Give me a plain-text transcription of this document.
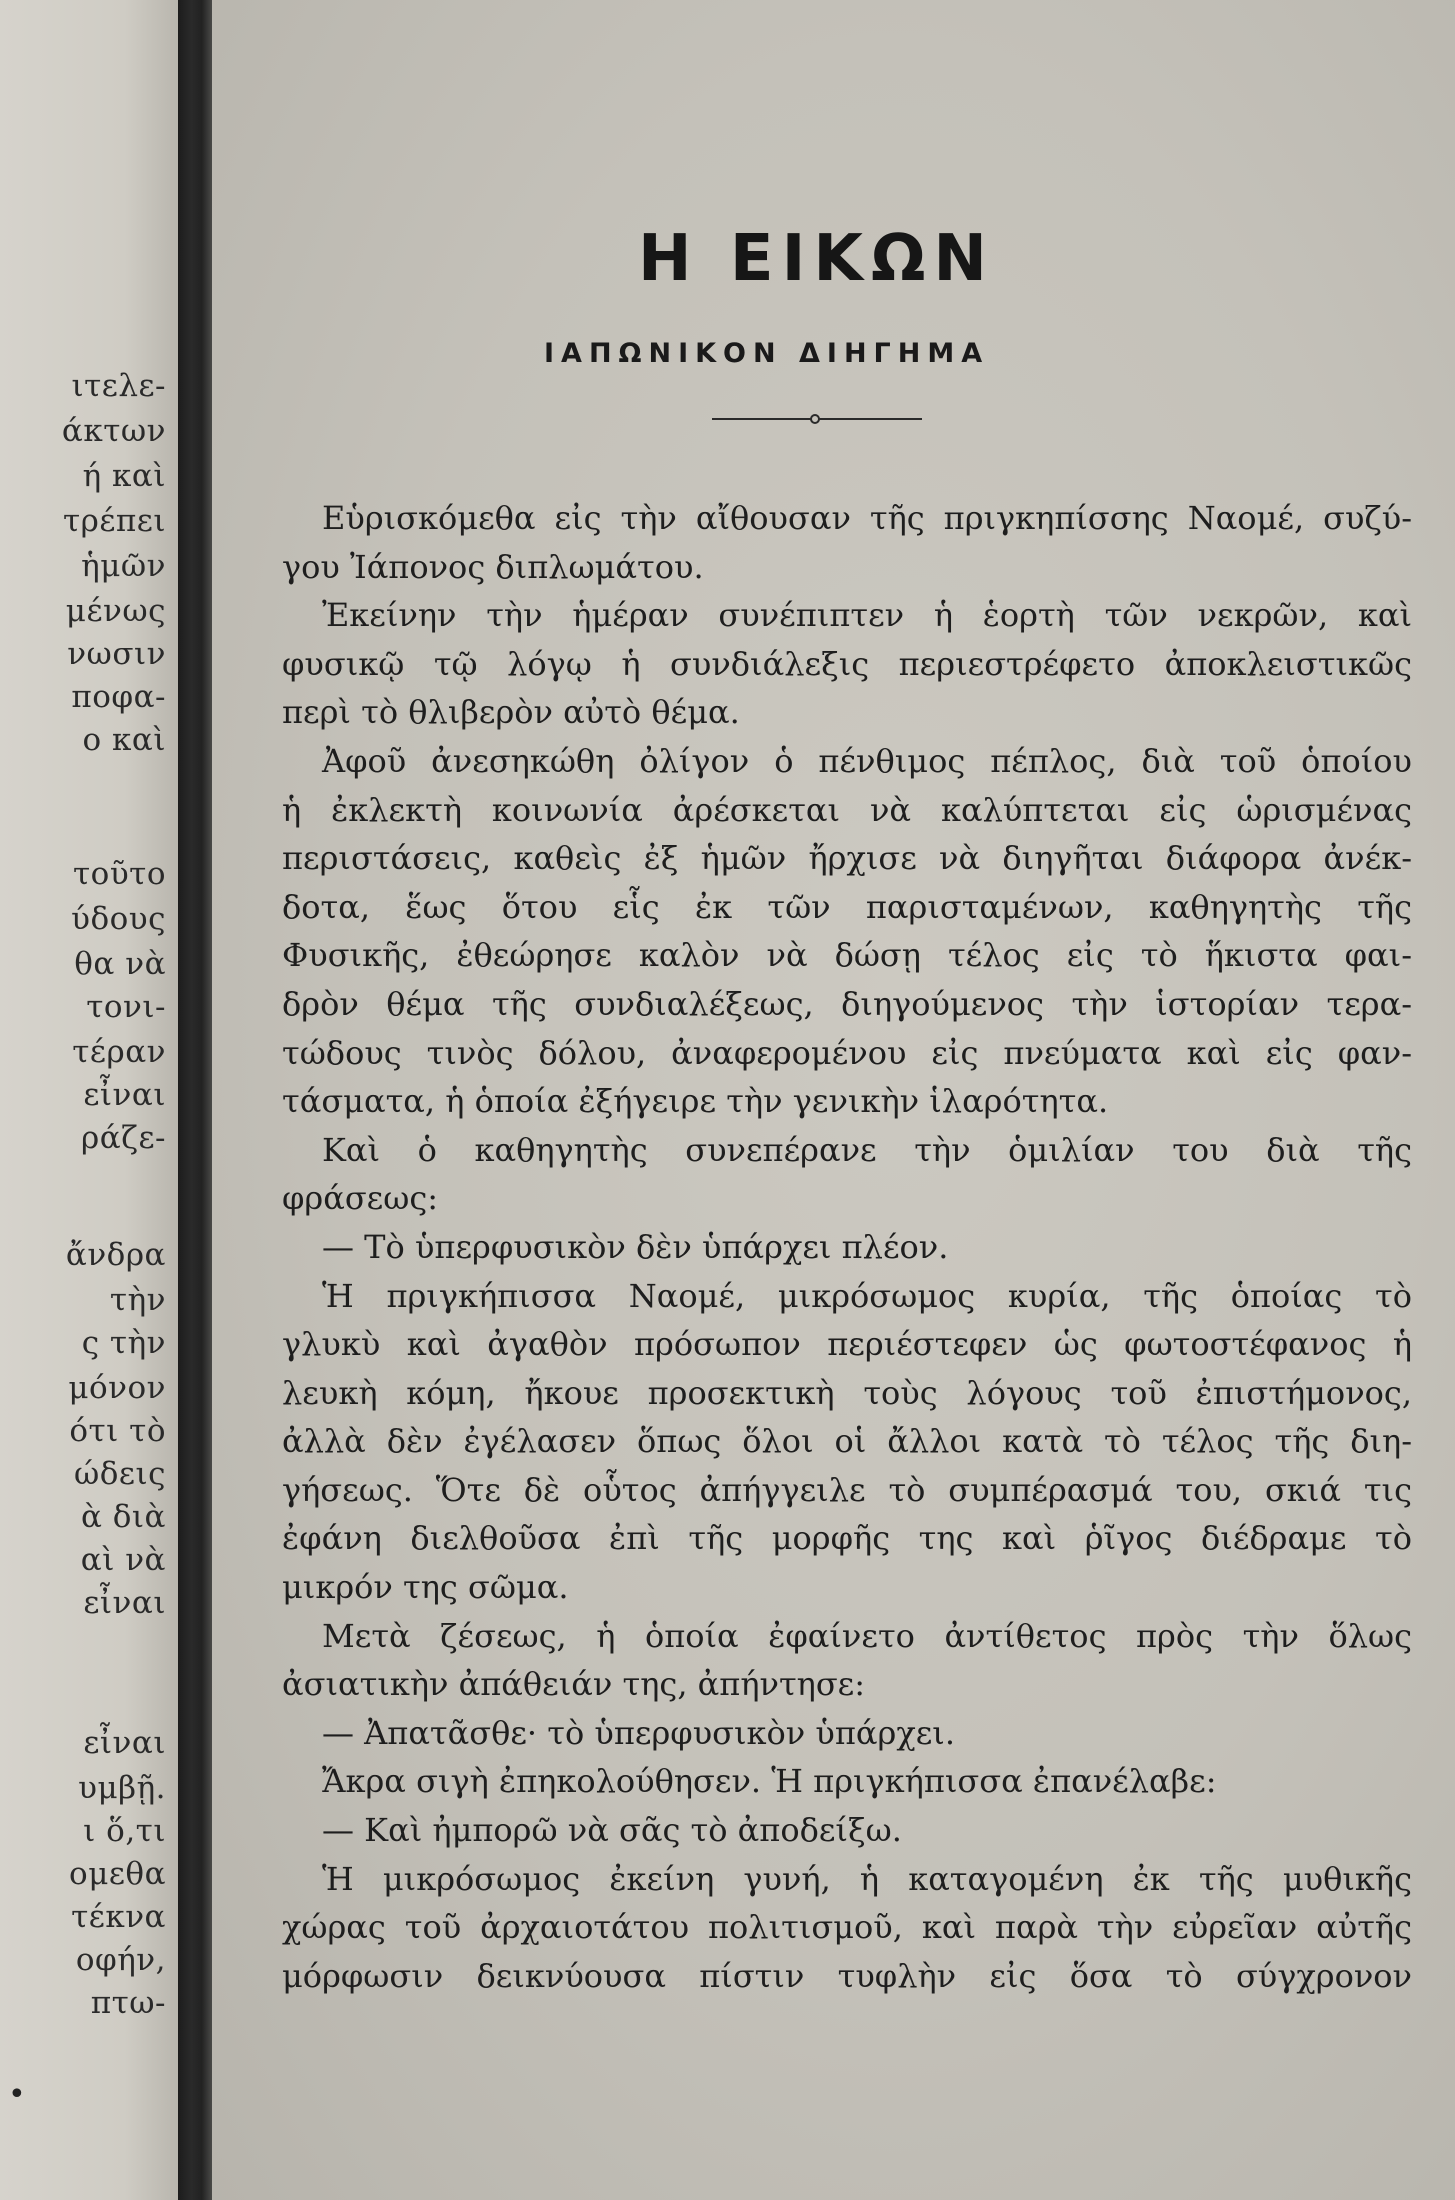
ιτελε-
άκτων
ή καὶ
τρέπει
ἡμῶν
μένως
νωσιν
ποφα-
ο καὶ
τοῦτο
ύδους
θα νὰ
τονι-
τέραν
εἶναι
ράζε-
ἄνδρα
τὴν
ς τὴν
μόνον
ότι τὸ
ώδεις
ὰ διὰ
αὶ νὰ
εἶναι
εἶναι
υμβῇ.
ι ὅ,τι
ομεθα
τέκνα
οφήν,
πτω-
•
Η ΕΙΚΩΝ
ΙΑΠΩΝΙΚΟΝ ΔΙΗΓΗΜΑ
Εὑρισκόμεθα εἰς τὴν αἴθουσαν τῆς πριγκηπίσσης Ναομέ, συζύ-
γου Ἰάπονος διπλωμάτου.
Ἐκείνην τὴν ἡμέραν συνέπιπτεν ἡ ἑορτὴ τῶν νεκρῶν, καὶ
φυσικῷ τῷ λόγῳ ἡ συνδιάλεξις περιεστρέφετο ἀποκλειστικῶς
περὶ τὸ θλιβερὸν αὐτὸ θέμα.
Ἀφοῦ ἀνεσηκώθη ὀλίγον ὁ πένθιμος πέπλος, διὰ τοῦ ὁποίου
ἡ ἐκλεκτὴ κοινωνία ἀρέσκεται νὰ καλύπτεται εἰς ὡρισμένας
περιστάσεις, καθεὶς ἐξ ἡμῶν ἤρχισε νὰ διηγῆται διάφορα ἀνέκ-
δοτα, ἕως ὅτου εἷς ἐκ τῶν παρισταμένων, καθηγητὴς τῆς
Φυσικῆς, ἐθεώρησε καλὸν νὰ δώσῃ τέλος εἰς τὸ ἥκιστα φαι-
δρὸν θέμα τῆς συνδιαλέξεως, διηγούμενος τὴν ἱστορίαν τερα-
τώδους τινὸς δόλου, ἀναφερομένου εἰς πνεύματα καὶ εἰς φαν-
τάσματα, ἡ ὁποία ἐξήγειρε τὴν γενικὴν ἱλαρότητα.
Καὶ ὁ καθηγητὴς συνεπέρανε τὴν ὁμιλίαν του διὰ τῆς
φράσεως:
— Τὸ ὑπερφυσικὸν δὲν ὑπάρχει πλέον.
Ἡ πριγκήπισσα Ναομέ, μικρόσωμος κυρία, τῆς ὁποίας τὸ
γλυκὺ καὶ ἀγαθὸν πρόσωπον περιέστεφεν ὡς φωτοστέφανος ἡ
λευκὴ κόμη, ἤκουε προσεκτικὴ τοὺς λόγους τοῦ ἐπιστήμονος,
ἀλλὰ δὲν ἐγέλασεν ὅπως ὅλοι οἱ ἄλλοι κατὰ τὸ τέλος τῆς διη-
γήσεως. Ὅτε δὲ οὗτος ἀπήγγειλε τὸ συμπέρασμά του, σκιά τις
ἐφάνη διελθοῦσα ἐπὶ τῆς μορφῆς της καὶ ῥῖγος διέδραμε τὸ
μικρόν της σῶμα.
Μετὰ ζέσεως, ἡ ὁποία ἐφαίνετο ἀντίθετος πρὸς τὴν ὅλως
ἀσιατικὴν ἀπάθειάν της, ἀπήντησε:
— Ἀπατᾶσθε· τὸ ὑπερφυσικὸν ὑπάρχει.
Ἄκρα σιγὴ ἐπηκολούθησεν. Ἡ πριγκήπισσα ἐπανέλαβε:
— Καὶ ἠμπορῶ νὰ σᾶς τὸ ἀποδείξω.
Ἡ μικρόσωμος ἐκείνη γυνή, ἡ καταγομένη ἐκ τῆς μυθικῆς
χώρας τοῦ ἀρχαιοτάτου πολιτισμοῦ, καὶ παρὰ τὴν εὐρεῖαν αὐτῆς
μόρφωσιν δεικνύουσα πίστιν τυφλὴν εἰς ὅσα τὸ σύγχρονον
